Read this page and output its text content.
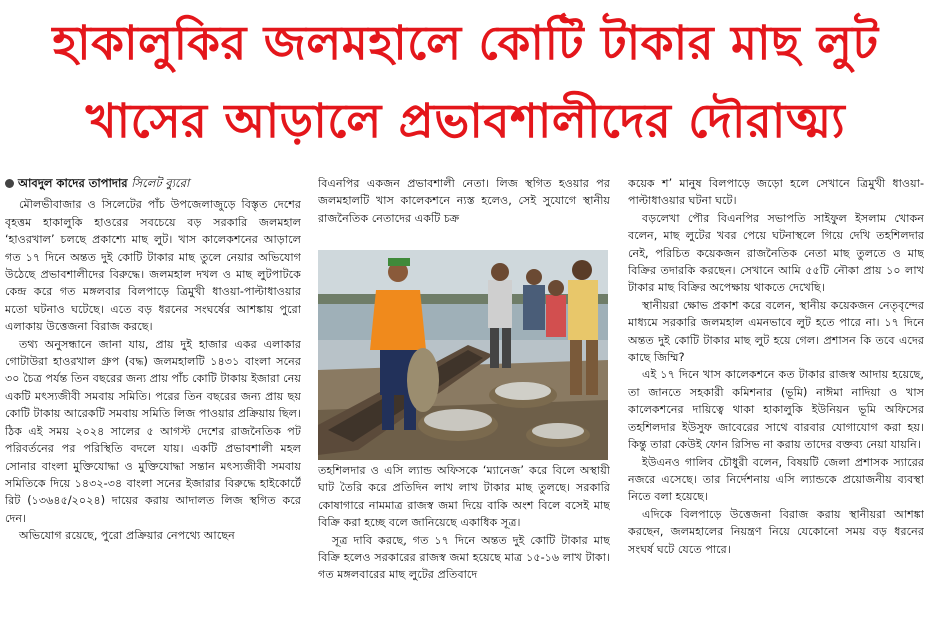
হাকালুকির জলমহালে কোটি টাকার মাছ লুট
খাসের আড়ালে প্রভাবশালীদের দৌরাত্ম্য
আবদুল কাদের তাপাদার সিলেট ব্যুরো

মৌলভীবাজার ও সিলেটের পাঁচ উপজেলাজুড়ে বিস্তৃত দেশের বৃহত্তম হাকালুকি হাওরের সবচেয়ে বড় সরকারি জলমহাল ‘হাওরখাল’ চলছে প্রকাশ্যে মাছ লুট। খাস কালেকশনের আড়ালে গত ১৭ দিনে অন্তত দুই কোটি টাকার মাছ তুলে নেয়ার অভিযোগ উঠেছে প্রভাবশালীদের বিরুদ্ধে। জলমহাল দখল ও মাছ লুটপাটকে কেন্দ্র করে গত মঙ্গলবার বিলপাড়ে ত্রিমুখী ধাওয়া-পাল্টাধাওয়ার মতো ঘটনাও ঘটেছে। এতে বড় ধরনের সংঘর্ষের আশঙ্কায় পুরো এলাকায় উত্তেজনা বিরাজ করছে।

তথ্য অনুসন্ধানে জানা যায়, প্রায় দুই হাজার একর এলাকার গোটাউরা হাওরখাল গ্রুপ (বদ্ধ) জলমহালটি ১৪৩১ বাংলা সনের ৩০ চৈত্র পর্যন্ত তিন বছরের জন্য প্রায় পাঁচ কোটি টাকায় ইজারা নেয় একটি মৎস্যজীবী সমবায় সমিতি। পরের তিন বছরের জন্য প্রায় ছয় কোটি টাকায় আরেকটি সমবায় সমিতি লিজ পাওয়ার প্রক্রিয়ায় ছিল। ঠিক এই সময় ২০২৪ সালের ৫ আগস্ট দেশের রাজনৈতিক পট পরিবর্তনের পর পরিস্থিতি বদলে যায়। একটি প্রভাবশালী মহল সোনার বাংলা মুক্তিযোদ্ধা ও মুক্তিযোদ্ধা সন্তান মৎস্যজীবী সমবায় সমিতিকে দিয়ে ১৪৩২-৩৪ বাংলা সনের ইজারার বিরুদ্ধে হাইকোর্টে রিট (১৩৬৪৫/২০২৪) দায়ের করায় আদালত লিজ স্থগিত করে দেন।

অভিযোগ রয়েছে, পুরো প্রক্রিয়ার নেপথ্যে আছেন

বিএনপির একজন প্রভাবশালী নেতা। লিজ স্থগিত হওয়ার পর জলমহালটি খাস কালেকশনে ন্যস্ত হলেও, সেই সুযোগে স্থানীয় রাজনৈতিক নেতাদের একটি চক্র

তহশিলদার ও এসি ল্যান্ড অফিসকে ‘ম্যানেজ’ করে বিলে অস্থায়ী ঘাট তৈরি করে প্রতিদিন লাখ লাখ টাকার মাছ তুলছে। সরকারি কোষাগারে নামমাত্র রাজস্ব জমা দিয়ে বাকি অংশ বিলে বসেই মাছ বিক্রি করা হচ্ছে বলে জানিয়েছে একাধিক সূত্র।

সূত্র দাবি করছে, গত ১৭ দিনে অন্তত দুই কোটি টাকার মাছ বিক্রি হলেও সরকারের রাজস্ব জমা হয়েছে মাত্র ১৫-১৬ লাখ টাকা। গত মঙ্গলবারের মাছ লুটের প্রতিবাদে

কয়েক শ’ মানুষ বিলপাড়ে জড়ো হলে সেখানে ত্রিমুখী ধাওয়া-পাল্টাধাওয়ার ঘটনা ঘটে।

বড়লেখা পৌর বিএনপির সভাপতি সাইফুল ইসলাম খোকন বলেন, মাছ লুটের খবর পেয়ে ঘটনাস্থলে গিয়ে দেখি তহশিলদার নেই, পরিচিত কয়েকজন রাজনৈতিক নেতা মাছ তুলতে ও মাছ বিক্রির তদারকি করছেন। সেখানে আমি ৫৫টি নৌকা প্রায় ১০ লাখ টাকার মাছ বিক্রির অপেক্ষায় থাকতে দেখেছি।

স্থানীয়রা ক্ষোভ প্রকাশ করে বলেন, স্থানীয় কয়েকজন নেতৃবৃন্দের মাধ্যমে সরকারি জলমহাল এমনভাবে লুট হতে পারে না। ১৭ দিনে অন্তত দুই কোটি টাকার মাছ লুট হয়ে গেল। প্রশাসন কি তবে এদের কাছে জিম্মি?

এই ১৭ দিনে খাস কালেকশনে কত টাকার রাজস্ব আদায় হয়েছে, তা জানতে সহকারী কমিশনার (ভূমি) নাঈমা নাদিয়া ও খাস কালেকশনের দায়িত্বে থাকা হাকালুকি ইউনিয়ন ভূমি অফিসের তহশিলদার ইউসুফ জাবেরের সাথে বারবার যোগাযোগ করা হয়। কিন্তু তারা কেউই ফোন রিসিভ না করায় তাদের বক্তব্য নেয়া যায়নি।

ইউএনও গালিব চৌধুরী বলেন, বিষয়টি জেলা প্রশাসক স্যারের নজরে এসেছে। তার নির্দেশনায় এসি ল্যান্ডকে প্রয়োজনীয় ব্যবস্থা নিতে বলা হয়েছে।

এদিকে বিলপাড়ে উত্তেজনা বিরাজ করায় স্থানীয়রা আশঙ্কা করছেন, জলমহালের নিয়ন্ত্রণ নিয়ে যেকোনো সময় বড় ধরনের সংঘর্ষ ঘটে যেতে পারে।
